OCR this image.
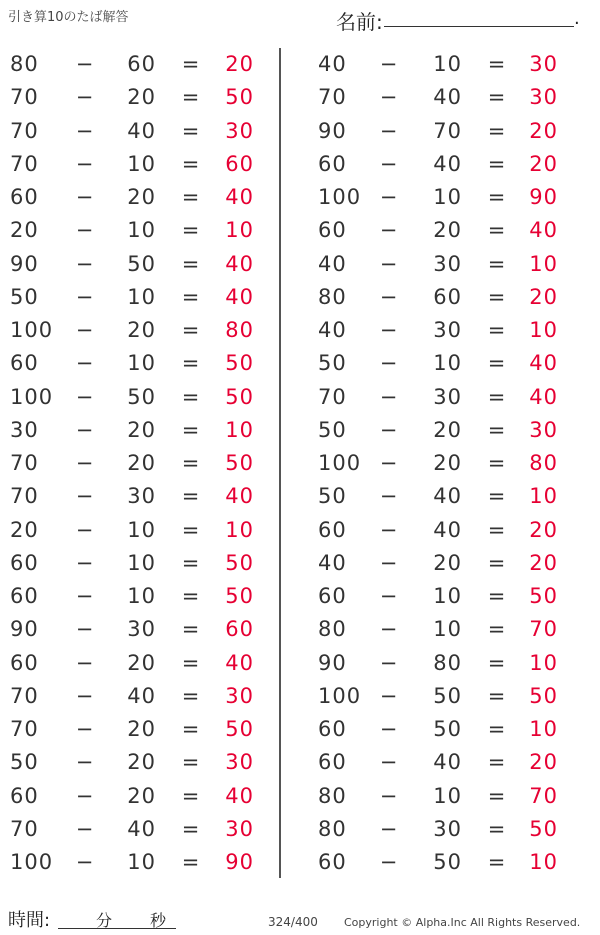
引き算10のたば解答	名前:	.
80	−	60 =	20
70	−	20 =	50
70	−	40 =	30
70	−	10 =	60
60	−	20 =	40
20	−	10 =	10
90	−	50 =	40
50	−	10 =	40
100 −	20 =	80
60	−	10 =	50
100 −	50 =	50
30	−	20 =	10
70	−	20 =	50
70	−	30 =	40
20	−	10 =	10
60	−	10 =	50
60	−	10 =	50
90	−	30 =	60
60	−	20 =	40
70	−	40 =	30
70	−	20 =	50
50	−	20 =	30
60	−	20 =	40
70	−	40 =	30
100 −	10 =	90
40	−	10 =	30
70	−	40 =	30
90	−	70 =	20
60	−	40 =	20
100 −	10 =	90
60	−	20 =	40
40	−	30 =	10
80	−	60 =	20
40	−	30 =	10
50	−	10 =	40
70	−	30 =	40
50	−	20 =	30
100 −	20 =	80
50	−	40 =	10
60	−	40 =	20
40	−	20 =	20
60	−	10 =	50
80	−	10 =	70
90	−	80 =	10
100 −	50 =	50
60	−	50 =	10
60	−	40 =	20
80	−	10 =	70
80	−	30 =	50
60	−	50 =	10
時間:	分 秒	324/400 Copyright © Alpha.Inc All Rights Reserved.
